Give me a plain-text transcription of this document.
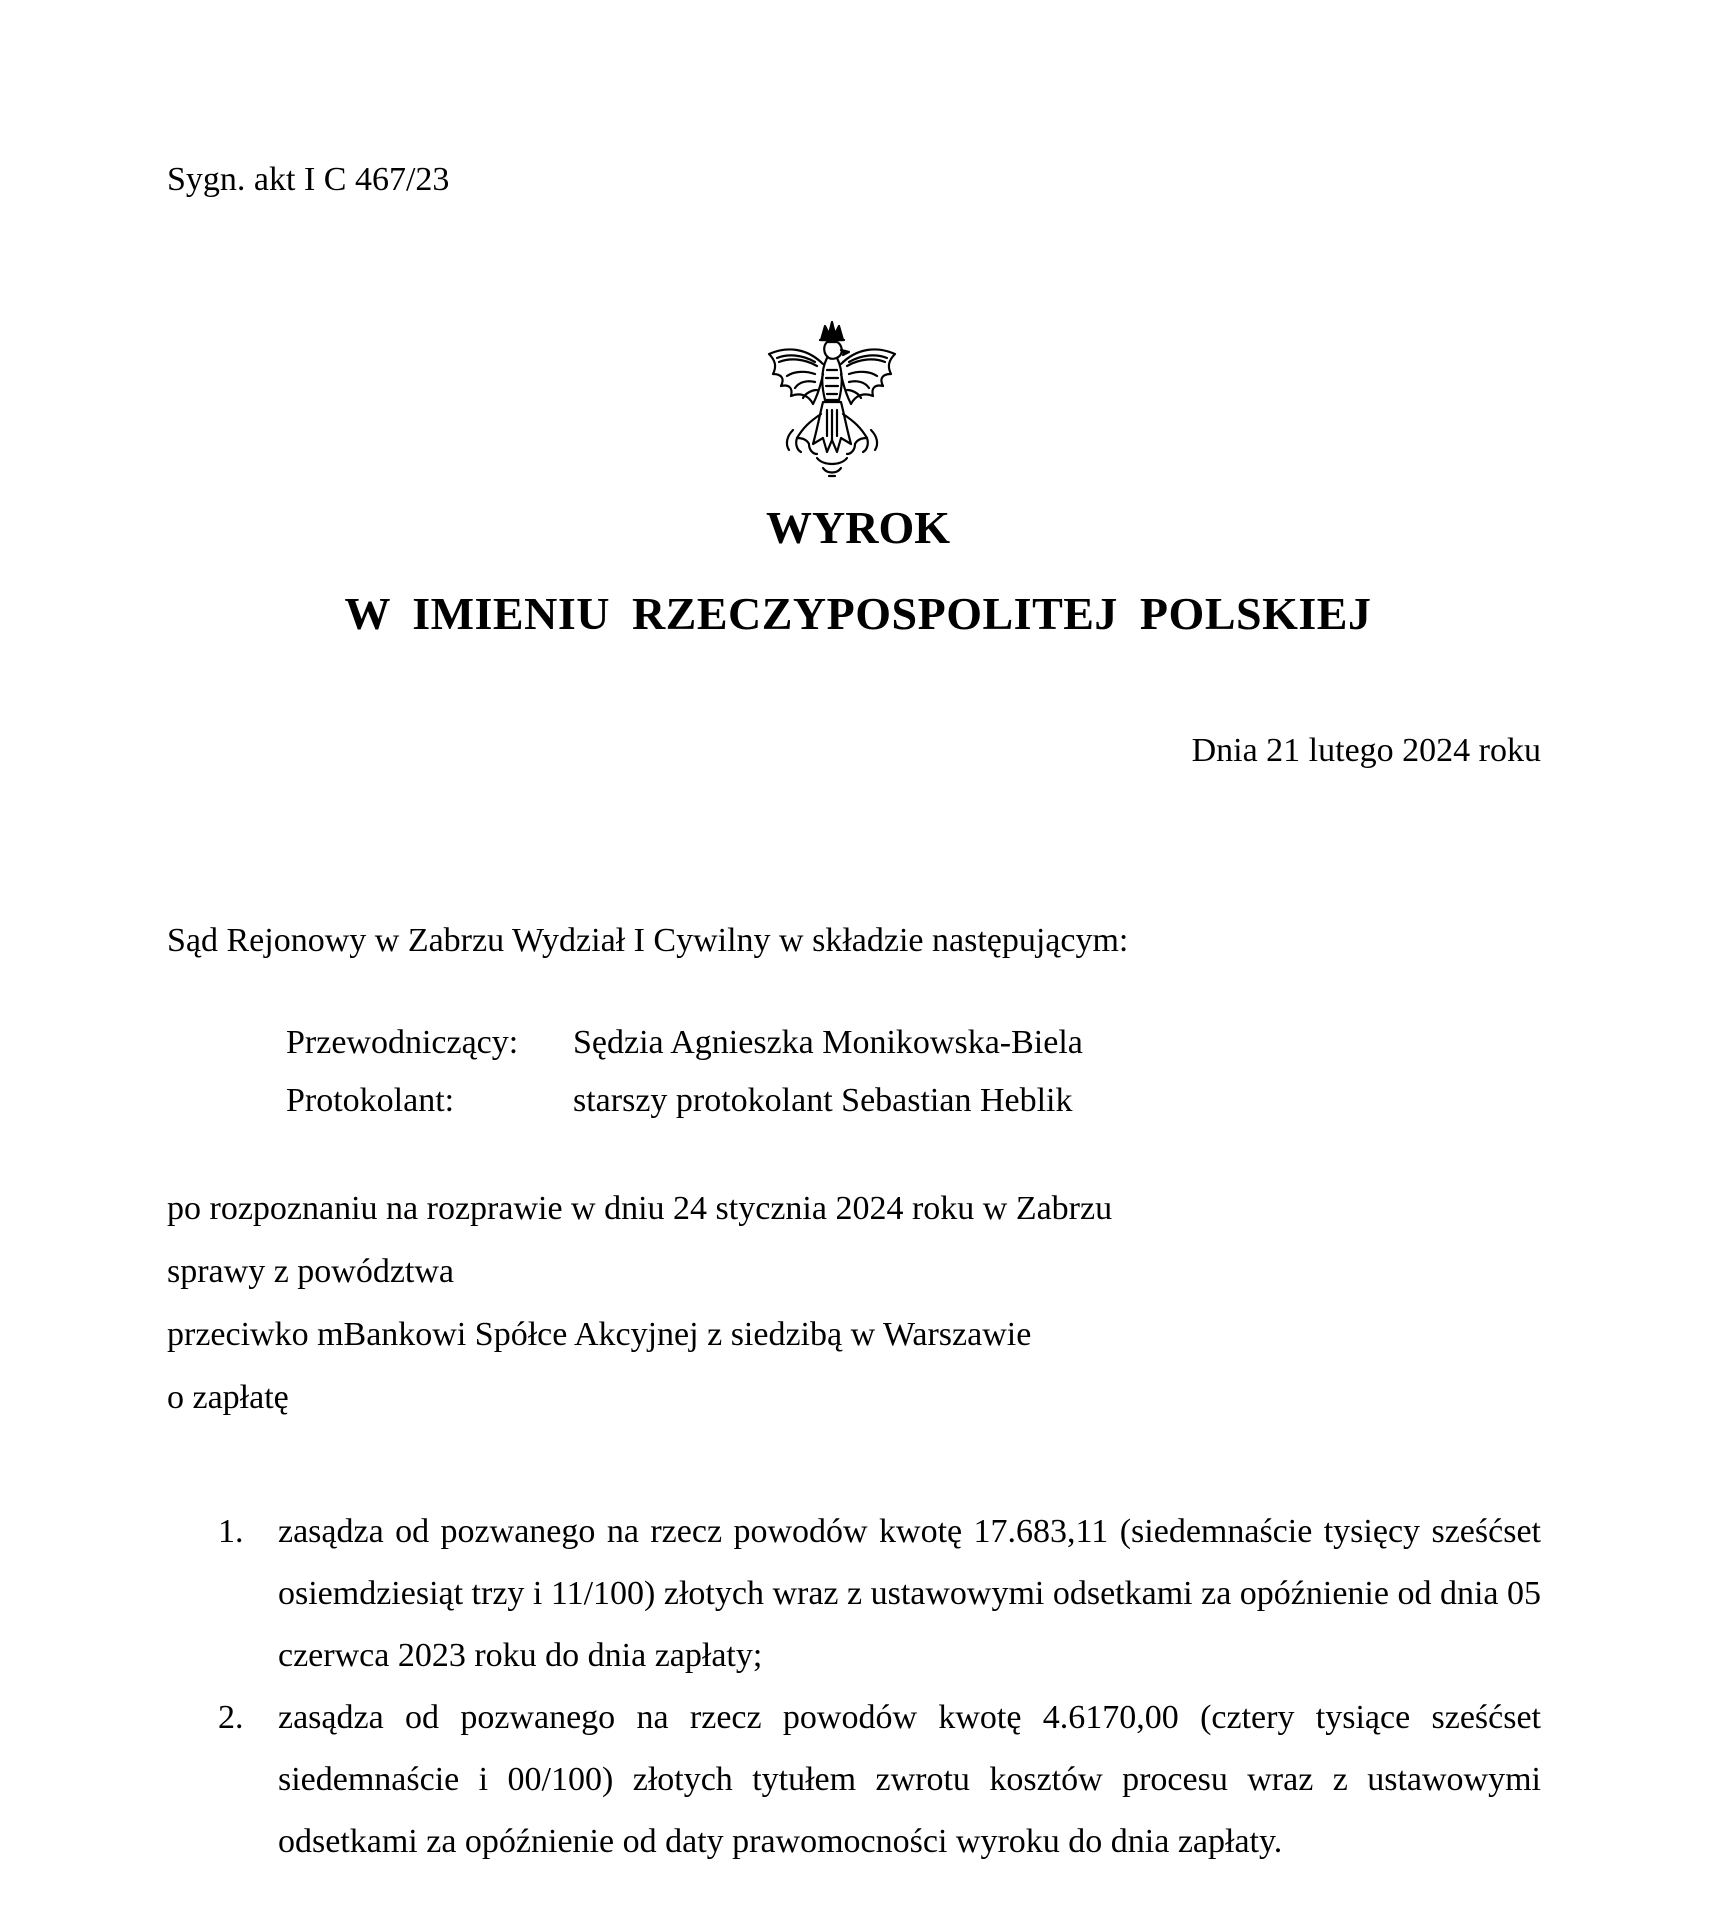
Sygn. akt I C 467/23
WYROK
W IMIENIU RZECZYPOSPOLITEJ POLSKIEJ
Dnia 21 lutego 2024 roku
Sąd Rejonowy w Zabrzu Wydział I Cywilny w składzie następującym:
Przewodniczący:	Sędzia Agnieszka Monikowska-Biela
Protokolant:	starszy protokolant Sebastian Heblik
po rozpoznaniu na rozprawie w dniu 24 stycznia 2024 roku w Zabrzu
sprawy z powództwa
przeciwko mBankowi Spółce Akcyjnej z siedzibą w Warszawie
o zapłatę
1.	zasądza od pozwanego na rzecz powodów kwotę 17.683,11 (siedemnaście tysięcy sześćset osiemdziesiąt trzy i 11/100) złotych wraz z ustawowymi odsetkami za opóźnienie od dnia 05 czerwca 2023 roku do dnia zapłaty;
2.	zasądza od pozwanego na rzecz powodów kwotę 4.6170,00 (cztery tysiące sześćset siedemnaście i 00/100) złotych tytułem zwrotu kosztów procesu wraz z ustawowymi odsetkami za opóźnienie od daty prawomocności wyroku do dnia zapłaty.
